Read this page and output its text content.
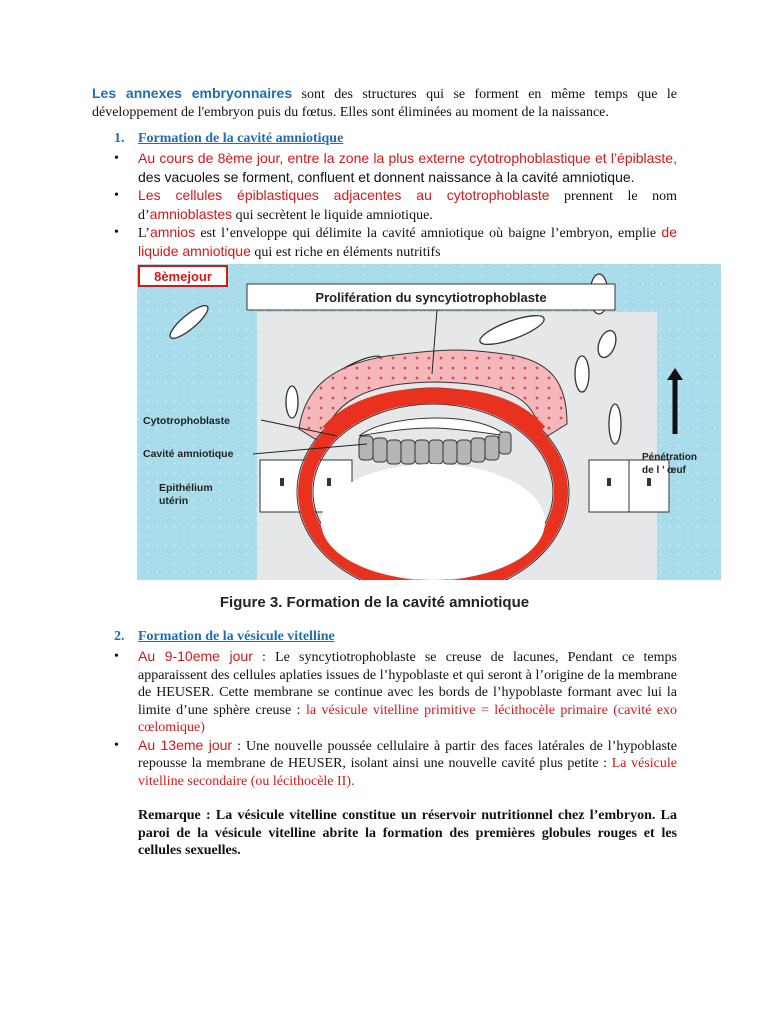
Les annexes embryonnaires sont des structures qui se forment en même temps que le développement de l'embryon puis du fœtus. Elles sont éliminées au moment de la naissance.

1. Formation de la cavité amniotique
• Au cours de 8ème jour, entre la zone la plus externe cytotrophoblastique et l’épiblaste, des vacuoles se forment, confluent et donnent naissance à la cavité amniotique.
• Les cellules épiblastiques adjacentes au cytotrophoblaste prennent le nom d’amnioblastes qui secrètent le liquide amniotique.
• L’amnios est l’enveloppe qui délimite la cavité amniotique où baigne l’embryon, emplie de liquide amniotique qui est riche en éléments nutritifs
8èmejour
Prolifération du syncytiotrophoblaste
Cytotrophoblaste
Cavité amniotique
Epithélium
utérin
Pénétration
de l ’ œuf
Figure 3. Formation de la cavité amniotique
2. Formation de la vésicule vitelline
• Au 9-10eme jour : Le syncytiotrophoblaste se creuse de lacunes, Pendant ce temps apparaissent des cellules aplaties issues de l’hypoblaste et qui seront à l’origine de la membrane de HEUSER. Cette membrane se continue avec les bords de l’hypoblaste formant avec lui la limite d’une sphère creuse : la vésicule vitelline primitive = lécithocèle primaire (cavité exo cœlomique)
• Au 13eme jour : Une nouvelle poussée cellulaire à partir des faces latérales de l’hypoblaste repousse la membrane de HEUSER, isolant ainsi une nouvelle cavité plus petite : La vésicule vitelline secondaire (ou lécithocèle II).

Remarque : La vésicule vitelline constitue un réservoir nutritionnel chez l’embryon. La paroi de la vésicule vitelline abrite la formation des premières globules rouges et les cellules sexuelles.
